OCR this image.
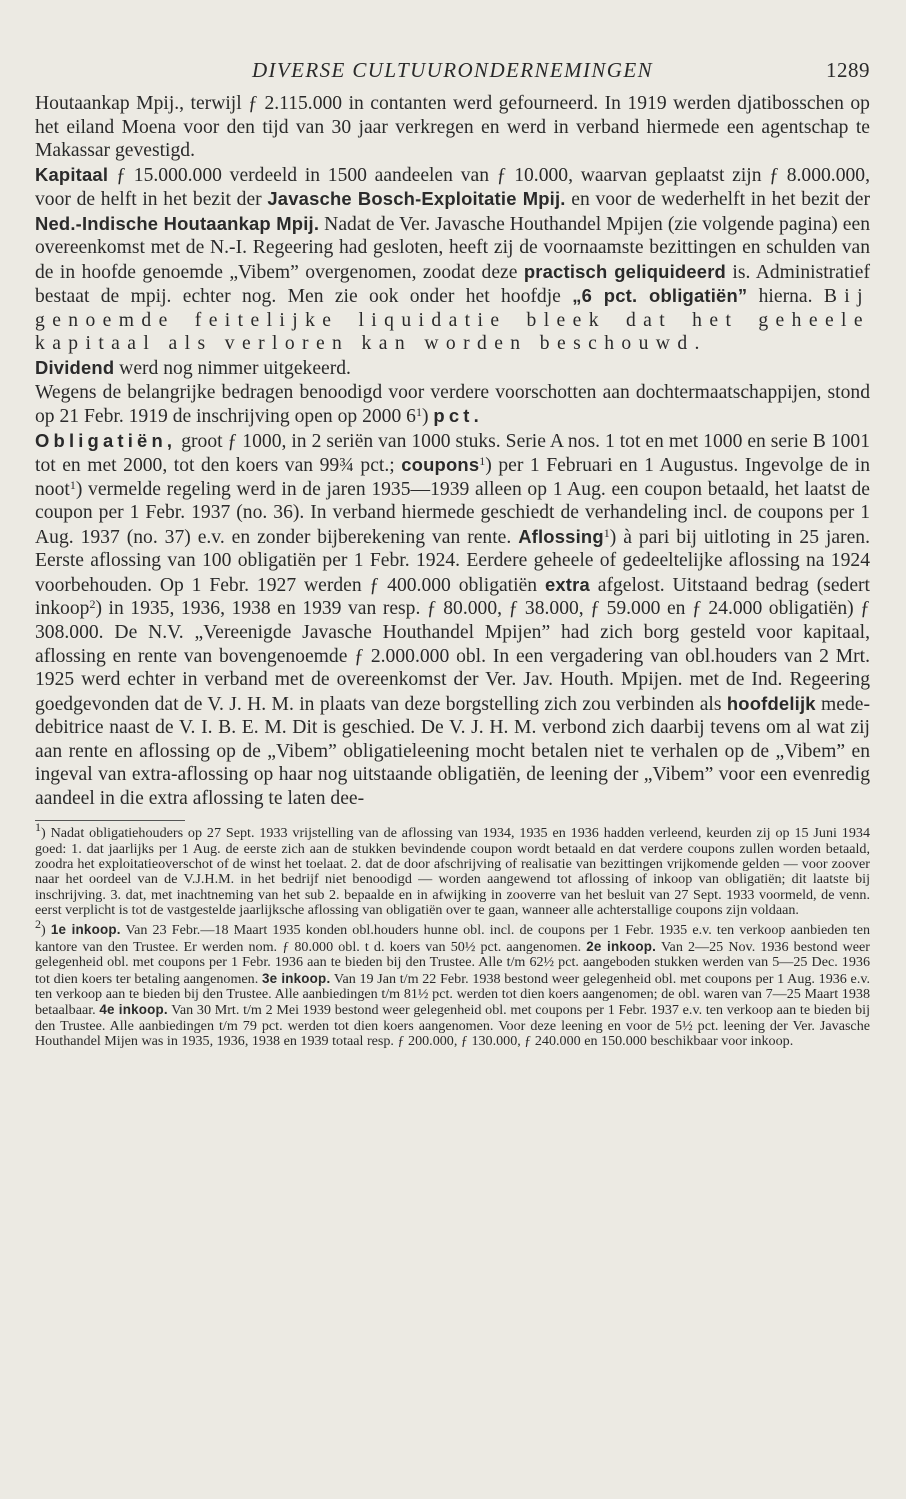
DIVERSE CULTUURONDERNEMINGEN	1289

Houtaankap Mpij., terwijl ƒ 2.115.000 in contanten werd gefourneerd. In 1919 werden djatibosschen op het eiland Moena voor den tijd van 30 jaar verkregen en werd in verband hiermede een agentschap te Makassar gevestigd.
Kapitaal ƒ 15.000.000 verdeeld in 1500 aandeelen van ƒ 10.000, waarvan geplaatst zijn ƒ 8.000.000, voor de helft in het bezit der Javasche Bosch-Exploitatie Mpij. en voor de wederhelft in het bezit der Ned.-Indische Houtaankap Mpij. Nadat de Ver. Javasche Houthandel Mpijen (zie volgende pagina) een overeenkomst met de N.-I. Regeering had gesloten, heeft zij de voornaamste bezittingen en schulden van de in hoofde genoemde „Vibem” overgenomen, zoodat deze practisch geliquideerd is. Administratief bestaat de mpij. echter nog. Men zie ook onder het hoofdje „6 pct. obligatiën” hierna. Bij genoemde feitelijke liquidatie bleek dat het geheele kapitaal als verloren kan worden beschouwd.

Dividend werd nog nimmer uitgekeerd.

Wegens de belangrijke bedragen benoodigd voor verdere voorschotten aan dochtermaatschappijen, stond op 21 Febr. 1919 de inschrijving open op 2000 $6^1$) pct.
Obligatiën, groot ƒ 1000, in 2 seriën van 1000 stuks. Serie A nos. 1 tot en met 1000 en serie B 1001 tot en met 2000, tot den koers van 99¾ pct.; coupons$^1$) per 1 Februari en 1 Augustus. Ingevolge de in noot$^1$) vermelde regeling werd in de jaren 1935—1939 alleen op 1 Aug. een coupon betaald, het laatst de coupon per 1 Febr. 1937 (no. 36). In verband hiermede geschiedt de verhandeling incl. de coupons per 1 Aug. 1937 (no. 37) e.v. en zonder bijberekening van rente. Aflossing$^1$) à pari bij uitloting in 25 jaren. Eerste aflossing van 100 obligatiën per 1 Febr. 1924. Eerdere geheele of gedeeltelijke aflossing na 1924 voorbehouden. Op 1 Febr. 1927 werden ƒ 400.000 obligatiën extra afgelost. Uitstaand bedrag (sedert inkoop$^2$) in 1935, 1936, 1938 en 1939 van resp. ƒ 80.000, ƒ 38.000, ƒ 59.000 en ƒ 24.000 obligatiën) ƒ 308.000. De N.V. „Vereenigde Javasche Houthandel Mpijen” had zich borg gesteld voor kapitaal, aflossing en rente van bovengenoemde ƒ 2.000.000 obl. In een vergadering van obl.houders van 2 Mrt. 1925 werd echter in verband met de overeenkomst der Ver. Jav. Houth. Mpijen. met de Ind. Regeering goedgevonden dat de V. J. H. M. in plaats van deze borgstelling zich zou verbinden als hoofdelijk mede-debitrice naast de V. I. B. E. M. Dit is geschied. De V. J. H. M. verbond zich daarbij tevens om al wat zij aan rente en aflossing op de „Vibem” obligatieleening mocht betalen niet te verhalen op de „Vibem” en ingeval van extra-aflossing op haar nog uitstaande obligatiën, de leening der „Vibem” voor een evenredig aandeel in die extra aflossing te laten dee-

$^1$) Nadat obligatiehouders op 27 Sept. 1933 vrijstelling van de aflossing van 1934, 1935 en 1936 hadden verleend, keurden zij op 15 Juni 1934 goed: 1. dat jaarlijks per 1 Aug. de eerste zich aan de stukken bevindende coupon wordt betaald en dat verdere coupons zullen worden betaald, zoodra het exploitatieoverschot of de winst het toelaat. 2. dat de door afschrijving of realisatie van bezittingen vrijkomende gelden — voor zoover naar het oordeel van de V.J.H.M. in het bedrijf niet benoodigd — worden aangewend tot aflossing of inkoop van obligatiën; dit laatste bij inschrijving. 3. dat, met inachtneming van het sub 2. bepaalde en in afwijking in zooverre van het besluit van 27 Sept. 1933 voormeld, de venn. eerst verplicht is tot de vastgestelde jaarlijksche aflossing van obligatiën over te gaan, wanneer alle achterstallige coupons zijn voldaan.

$^2$) 1e inkoop. Van 23 Febr.—18 Maart 1935 konden obl.houders hunne obl. incl. de coupons per 1 Febr. 1935 e.v. ten verkoop aanbieden ten kantore van den Trustee. Er werden nom. ƒ 80.000 obl. t d. koers van 50½ pct. aangenomen. 2e inkoop. Van 2—25 Nov. 1936 bestond weer gelegenheid obl. met coupons per 1 Febr. 1936 aan te bieden bij den Trustee. Alle t/m 62½ pct. aangeboden stukken werden van 5—25 Dec. 1936 tot dien koers ter betaling aangenomen. 3e inkoop. Van 19 Jan t/m 22 Febr. 1938 bestond weer gelegenheid obl. met coupons per 1 Aug. 1936 e.v. ten verkoop aan te bieden bij den Trustee. Alle aanbiedingen t/m 81½ pct. werden tot dien koers aangenomen; de obl. waren van 7—25 Maart 1938 betaalbaar. 4e inkoop. Van 30 Mrt. t/m 2 Mei 1939 bestond weer gelegenheid obl. met coupons per 1 Febr. 1937 e.v. ten verkoop aan te bieden bij den Trustee. Alle aanbiedingen t/m 79 pct. werden tot dien koers aangenomen. Voor deze leening en voor de 5½ pct. leening der Ver. Javasche Houthandel Mijen was in 1935, 1936, 1938 en 1939 totaal resp. ƒ 200.000, ƒ 130.000, ƒ 240.000 en 150.000 beschikbaar voor inkoop.
